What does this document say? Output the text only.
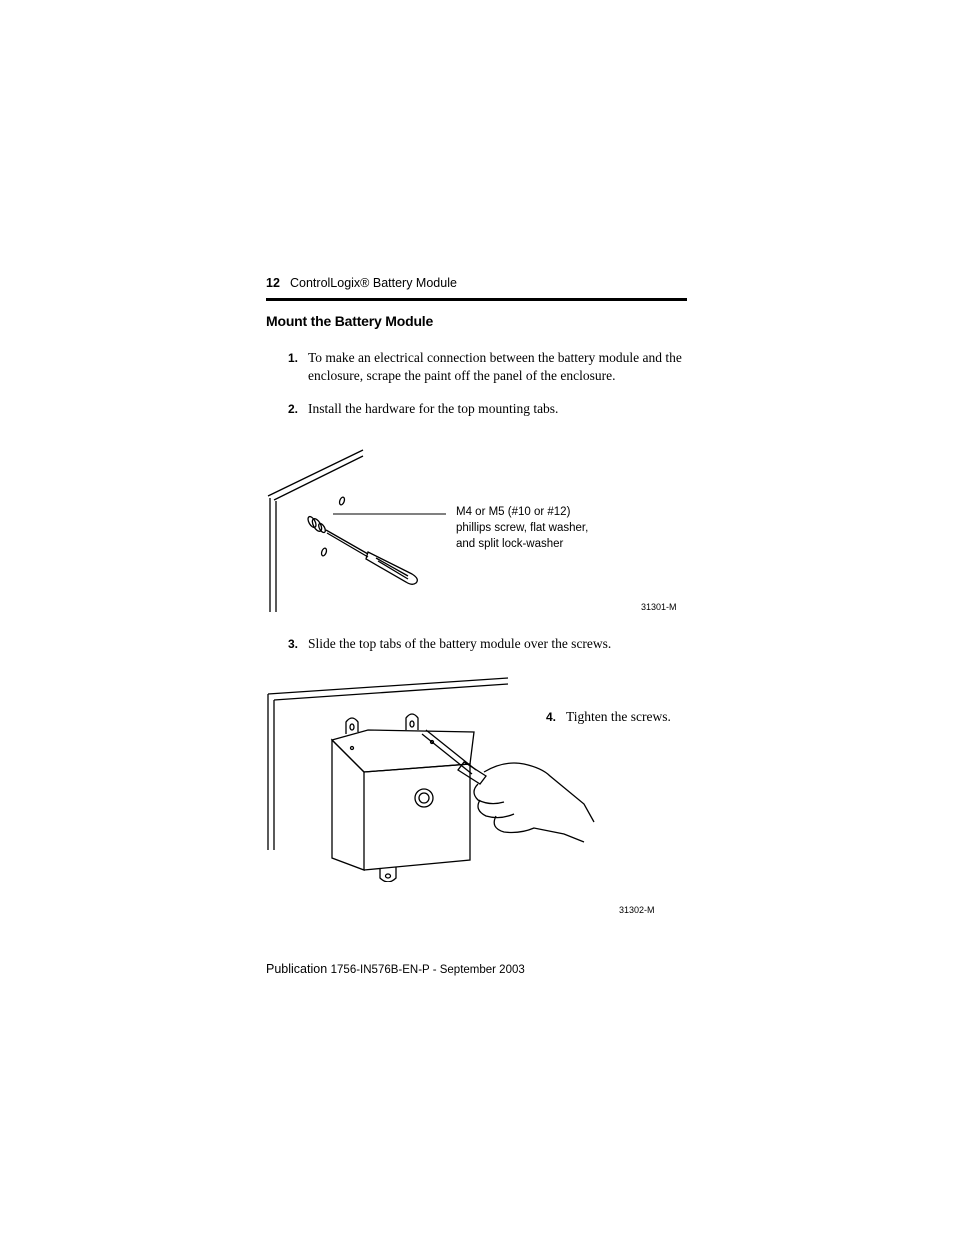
12 ControlLogix® Battery Module
Mount the Battery Module
1. To make an electrical connection between the battery module and the
enclosure, scrape the paint off the panel of the enclosure.
2. Install the hardware for the top mounting tabs.
M4 or M5 (#10 or #12)
phillips screw, flat washer,
and split lock-washer
31301-M
3. Slide the top tabs of the battery module over the screws.
4. Tighten the screws.
31302-M
Publication 1756-IN576B-EN-P - September 2003
